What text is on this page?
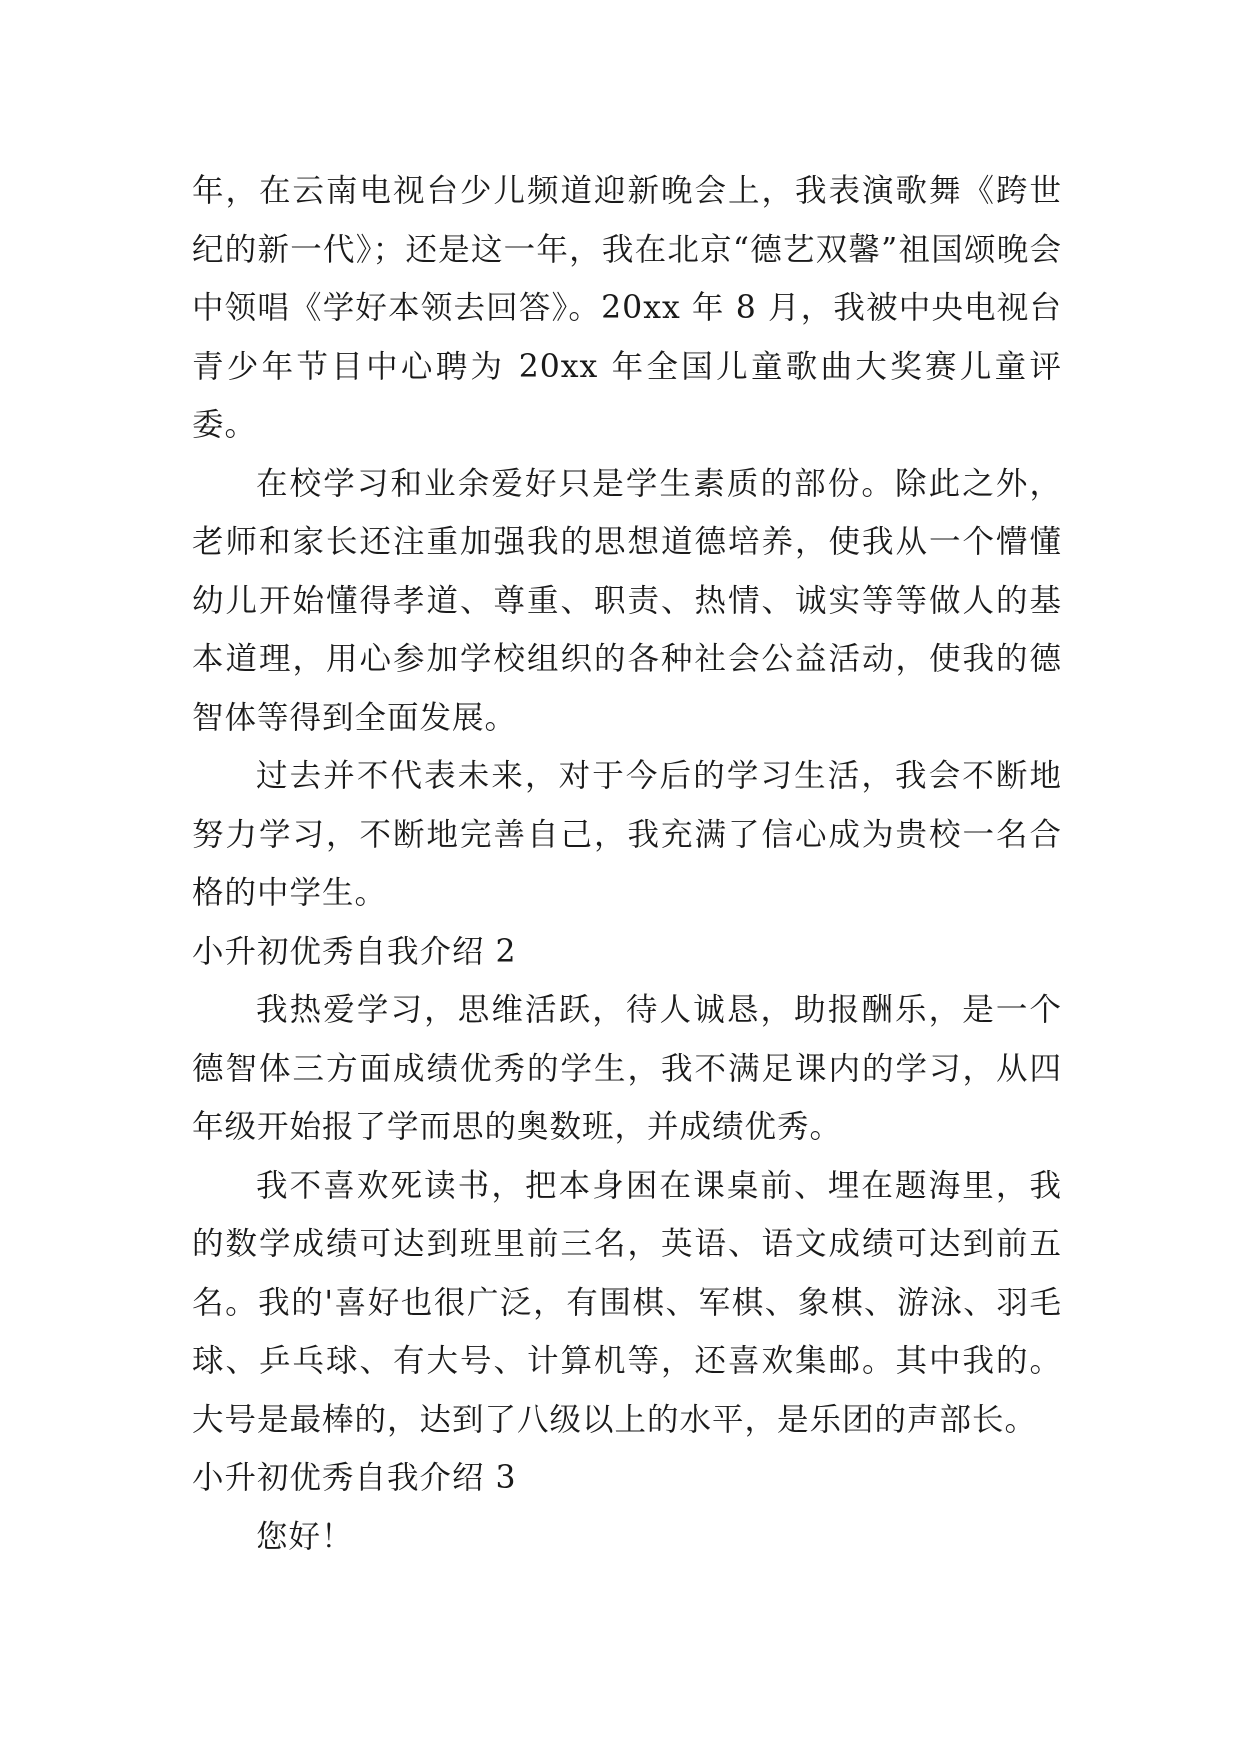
年，在云南电视台少儿频道迎新晚会上，我表演歌舞《跨世纪的新一代》；还是这一年，我在北京“德艺双馨”祖国颂晚会中领唱《学好本领去回答》。20xx 年 8 月，我被中央电视台青少年节目中心聘为 20xx 年全国儿童歌曲大奖赛儿童评委。

在校学习和业余爱好只是学生素质的部份。除此之外，老师和家长还注重加强我的思想道德培养，使我从一个懵懂幼儿开始懂得孝道、尊重、职责、热情、诚实等等做人的基本道理，用心参加学校组织的各种社会公益活动，使我的德智体等得到全面发展。

过去并不代表未来，对于今后的学习生活，我会不断地努力学习，不断地完善自己，我充满了信心成为贵校一名合格的中学生。

小升初优秀自我介绍 2

我热爱学习，思维活跃，待人诚恳，助报酬乐，是一个德智体三方面成绩优秀的学生，我不满足课内的学习，从四年级开始报了学而思的奥数班，并成绩优秀。

我不喜欢死读书，把本身困在课桌前、埋在题海里，我的数学成绩可达到班里前三名，英语、语文成绩可达到前五名。我的'喜好也很广泛，有围棋、军棋、象棋、游泳、羽毛球、乒乓球、有大号、计算机等，还喜欢集邮。其中我的。大号是最棒的，达到了八级以上的水平，是乐团的声部长。

小升初优秀自我介绍 3

您好！
